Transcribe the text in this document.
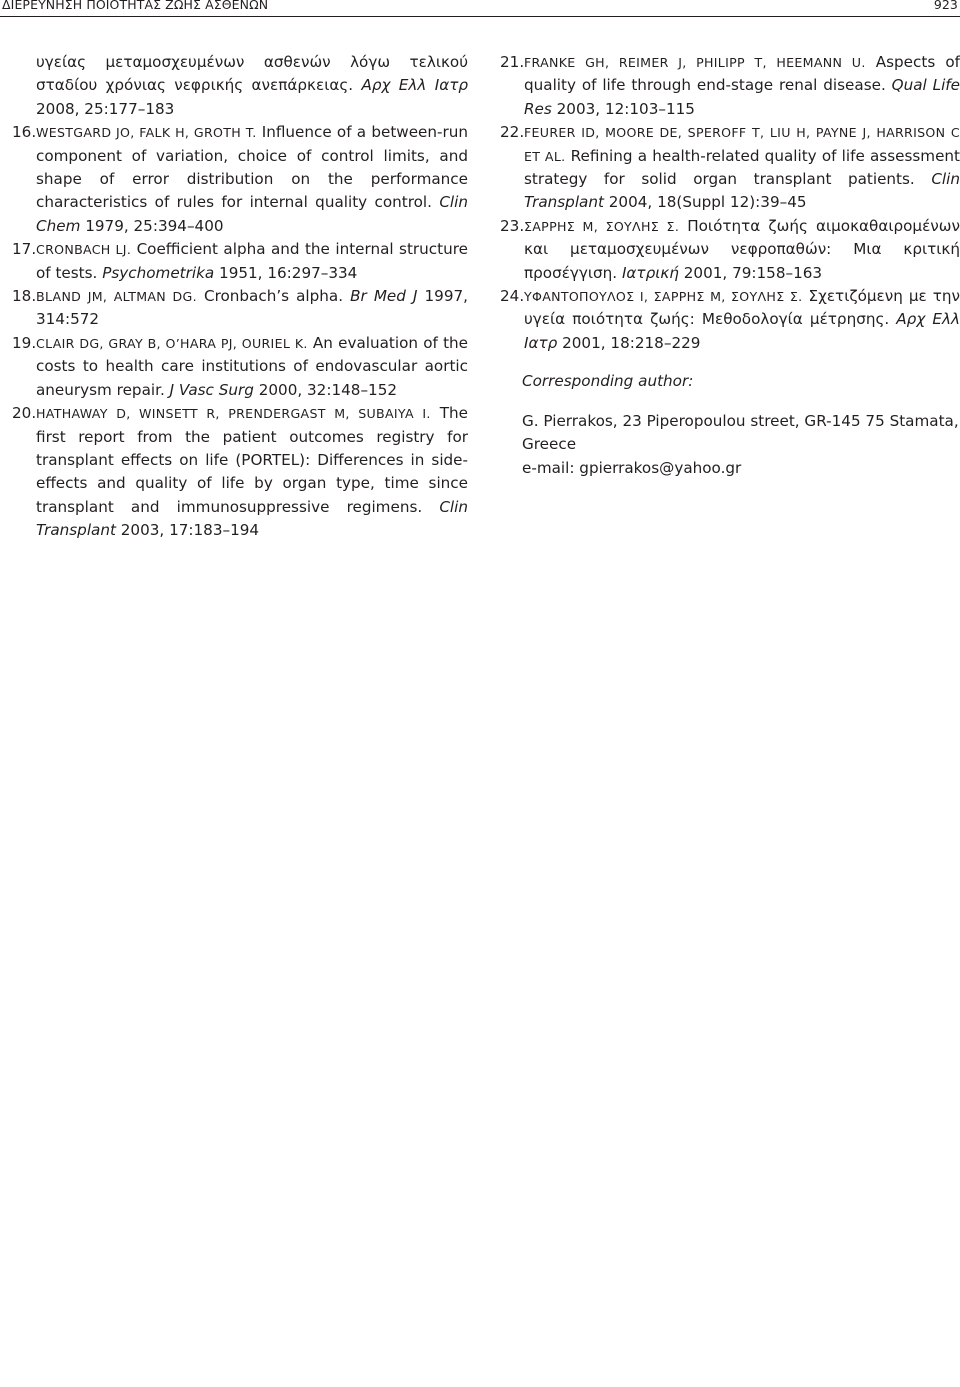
ΔΙΕΡΕΥΝΗΣΗ ΠΟΙΟΤΗΤΑΣ ΖΩΗΣ ΑΣΘΕΝΩΝ	923

υγείας μεταμοσχευμένων ασθενών λόγω τελικού σταδίου χρόνιας νεφρικής ανεπάρκειας. Αρχ Ελλ Ιατρ 2008, 25:177–183

16. WESTGARD JO, FALK H, GROTH T. Influence of a between-run component of variation, choice of control limits, and shape of error distribution on the performance characteristics of rules for internal quality control. Clin Chem 1979, 25:394–400

17. CRONBACH LJ. Coefficient alpha and the internal structure of tests. Psychometrika 1951, 16:297–334

18. BLAND JM, ALTMAN DG. Cronbach’s alpha. Br Med J 1997, 314:572

19. CLAIR DG, GRAY B, O’HARA PJ, OURIEL K. An evaluation of the costs to health care institutions of endovascular aortic aneurysm repair. J Vasc Surg 2000, 32:148–152

20. HATHAWAY D, WINSETT R, PRENDERGAST M, SUBAIYA I. The first report from the patient outcomes registry for transplant effects on life (PORTEL): Differences in side-effects and quality of life by organ type, time since transplant and immunosuppressive regimens. Clin Transplant 2003, 17:183–194

21. FRANKE GH, REIMER J, PHILIPP T, HEEMANN U. Aspects of quality of life through end-stage renal disease. Qual Life Res 2003, 12:103–115

22. FEURER ID, MOORE DE, SPEROFF T, LIU H, PAYNE J, HARRISON C ET AL. Refining a health-related quality of life assessment strategy for solid organ transplant patients. Clin Transplant 2004, 18(Suppl 12):39–45

23. ΣΑΡΡΗΣ Μ, ΣΟΥΛΗΣ Σ. Ποιότητα ζωής αιμοκαθαιρομένων και μεταμοσχευμένων νεφροπαθών: Μια κριτική προσέγγιση. Ιατρική 2001, 79:158–163

24. ΥΦΑΝΤΟΠΟΥΛΟΣ Ι, ΣΑΡΡΗΣ Μ, ΣΟΥΛΗΣ Σ. Σχετιζόμενη με την υγεία ποιότητα ζωής: Μεθοδολογία μέτρησης. Αρχ Ελλ Ιατρ 2001, 18:218–229

Corresponding author:
G. Pierrakos, 23 Piperopoulou street, GR-145 75 Stamata, Greece
e-mail: gpierrakos@yahoo.gr
